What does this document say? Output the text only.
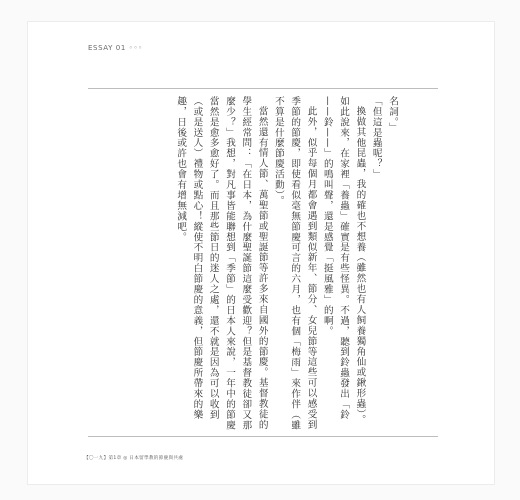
ESSAY 01 ◦◦◦

名詞。」

「但這是蟲呢？」

換做其他昆蟲，我的確也不想養（雖然也有人飼養獨角仙或鍬形蟲）。如此說來，在家裡「養蟲」確實是有些怪異。不過，聽到鈴蟲發出「鈴——鈴——」的鳴叫聲，還是感覺「挺風雅」的啊。

此外，似乎每個月都會遇到類似新年、節分、女兒節等這些可以感受到季節的節慶，即使看似毫無節慶可言的六月，也有個「梅雨」來作伴（雖不算是什麼節慶活動）。

當然還有情人節、萬聖節或聖誕節等許多來自國外的節慶。基督教徒的學生經常問：「在日本，為什麼聖誕節這麼受歡迎？但是基督教徒卻又那麼少？」我想，對凡事皆能聯想到「季節」的日本人來說，一年中的節慶當然是愈多愈好了。而且那些節日的迷人之處，還不就是因為可以收到（或是送人）禮物或點心！縱使不明白節慶的意義，但節慶所帶來的樂趣，日後或許也會有增無減吧。

【〇一九】第1章 ◎ 日本留學教的節慶與共處
